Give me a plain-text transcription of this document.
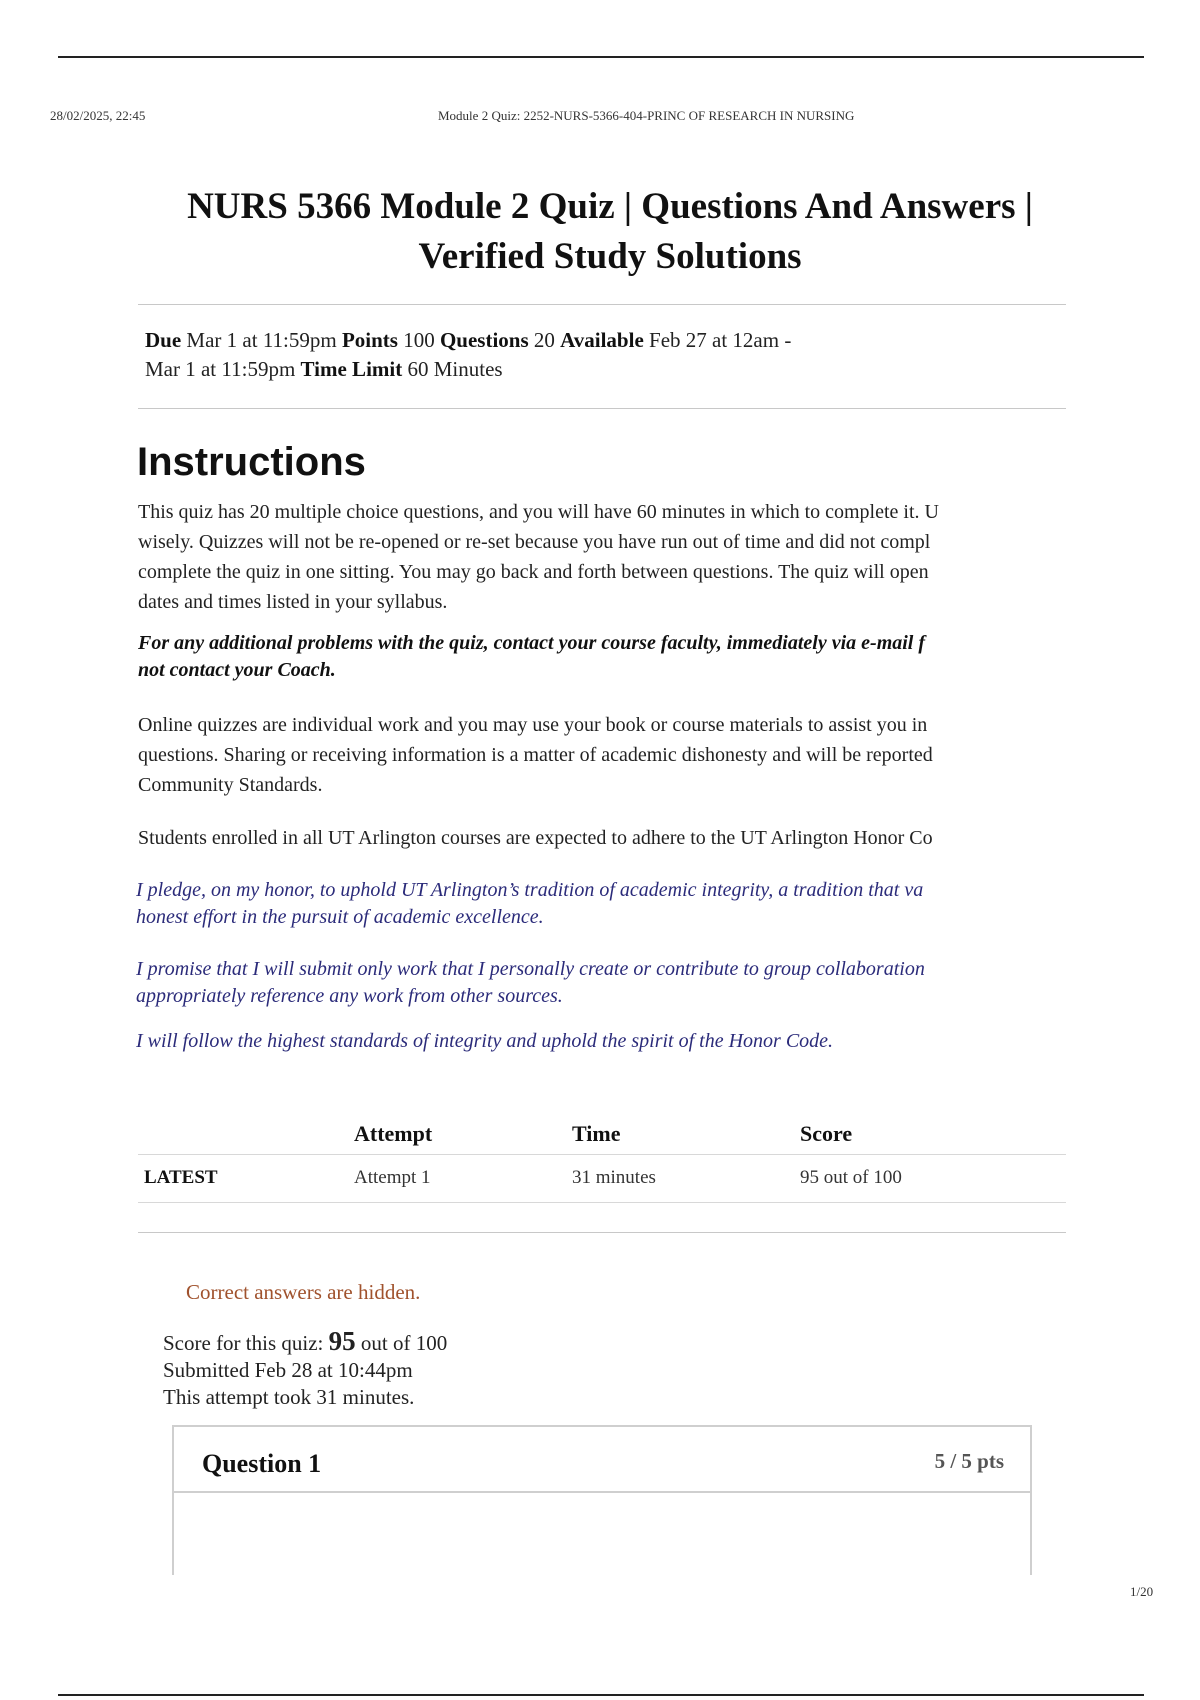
28/02/2025, 22:45	Module 2 Quiz: 2252-NURS-5366-404-PRINC OF RESEARCH IN NURSING
NURS 5366 Module 2 Quiz | Questions And Answers |
Verified Study Solutions
Due Mar 1 at 11:59pm Points 100 Questions 20 Available Feb 27 at 12am -
Mar 1 at 11:59pm Time Limit 60 Minutes
Instructions
This quiz has 20 multiple choice questions, and you will have 60 minutes in which to complete it. U
wisely. Quizzes will not be re-opened or re-set because you have run out of time and did not compl
complete the quiz in one sitting. You may go back and forth between questions. The quiz will open
dates and times listed in your syllabus.
For any additional problems with the quiz, contact your course faculty, immediately via e-mail f
not contact your Coach.
Online quizzes are individual work and you may use your book or course materials to assist you in
questions. Sharing or receiving information is a matter of academic dishonesty and will be reported
Community Standards.
Students enrolled in all UT Arlington courses are expected to adhere to the UT Arlington Honor Co
I pledge, on my honor, to uphold UT Arlington’s tradition of academic integrity, a tradition that va
honest effort in the pursuit of academic excellence.
I promise that I will submit only work that I personally create or contribute to group collaboration
appropriately reference any work from other sources.
I will follow the highest standards of integrity and uphold the spirit of the Honor Code.
	Attempt	Time	Score
LATEST	Attempt 1	31 minutes	95 out of 100
Correct answers are hidden.
Score for this quiz: 95 out of 100
Submitted Feb 28 at 10:44pm
This attempt took 31 minutes.
Question 1	5 / 5 pts
1/20
